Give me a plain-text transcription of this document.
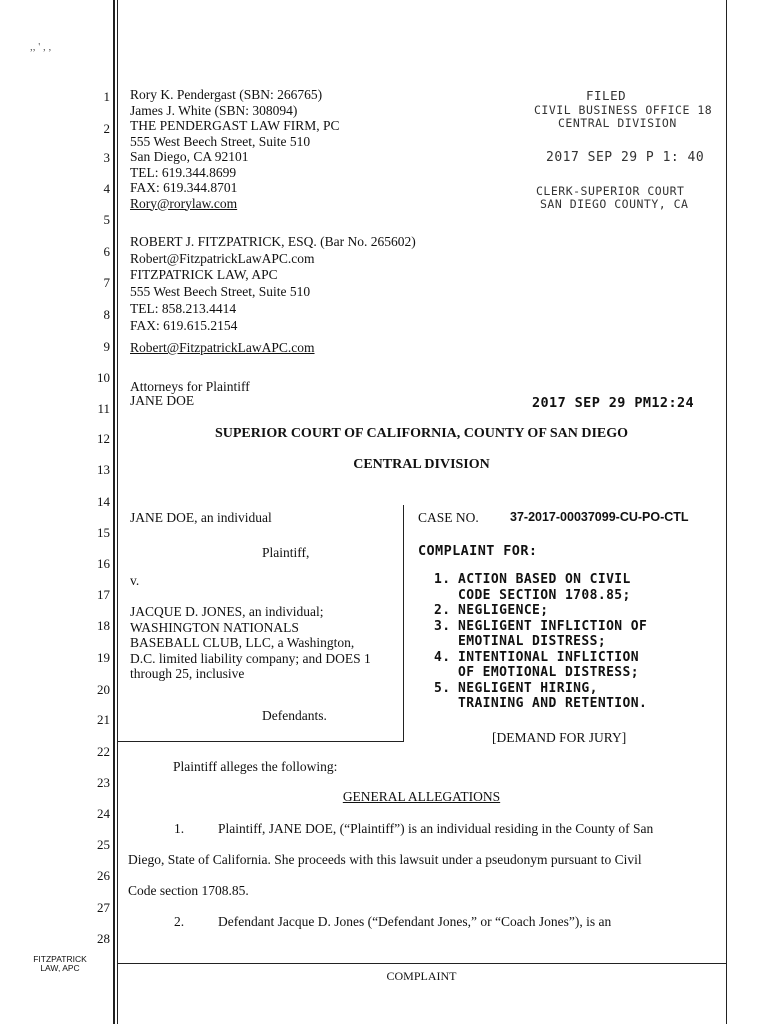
,, ' , ,
1
2
3
4
5
6
7
8
9
10
11
12
13
14
15
16
17
18
19
20
21
22
23
24
25
26
27
28
Rory K. Pendergast (SBN: 266765)
James J. White (SBN: 308094)
THE PENDERGAST LAW FIRM, PC
555 West Beech Street, Suite 510
San Diego, CA 92101
TEL: 619.344.8699
FAX: 619.344.8701
Rory@rorylaw.com
ROBERT J. FITZPATRICK, ESQ. (Bar No. 265602)
Robert@FitzpatrickLawAPC.com
FITZPATRICK LAW, APC
555 West Beech Street, Suite 510
TEL: 858.213.4414
FAX: 619.615.2154
Robert@FitzpatrickLawAPC.com
Attorneys for Plaintiff
JANE DOE
FILED
CIVIL BUSINESS OFFICE 18
CENTRAL DIVISION
2017 SEP 29 P 1: 40
CLERK-SUPERIOR COURT
SAN DIEGO COUNTY, CA
2017 SEP 29 PM12:24
SUPERIOR COURT OF CALIFORNIA, COUNTY OF SAN DIEGO
CENTRAL DIVISION
JANE DOE, an individual
Plaintiff,
v.
JACQUE D. JONES, an individual;
WASHINGTON NATIONALS
BASEBALL CLUB, LLC, a Washington,
D.C. limited liability company; and DOES 1
through 25, inclusive
Defendants.
CASE NO. 37-2017-00037099-CU-PO-CTL
COMPLAINT FOR:
1. ACTION BASED ON CIVIL
CODE SECTION 1708.85;
2. NEGLIGENCE;
3. NEGLIGENT INFLICTION OF
EMOTINAL DISTRESS;
4. INTENTIONAL INFLICTION
OF EMOTIONAL DISTRESS;
5. NEGLIGENT HIRING,
TRAINING AND RETENTION.
[DEMAND FOR JURY]
Plaintiff alleges the following:
GENERAL ALLEGATIONS
1.	Plaintiff, JANE DOE, (“Plaintiff”) is an individual residing in the County of San
Diego, State of California. She proceeds with this lawsuit under a pseudonym pursuant to Civil
Code section 1708.85.
2.	Defendant Jacque D. Jones (“Defendant Jones,” or “Coach Jones”), is an
FITZPATRICK
LAW, APC
COMPLAINT
